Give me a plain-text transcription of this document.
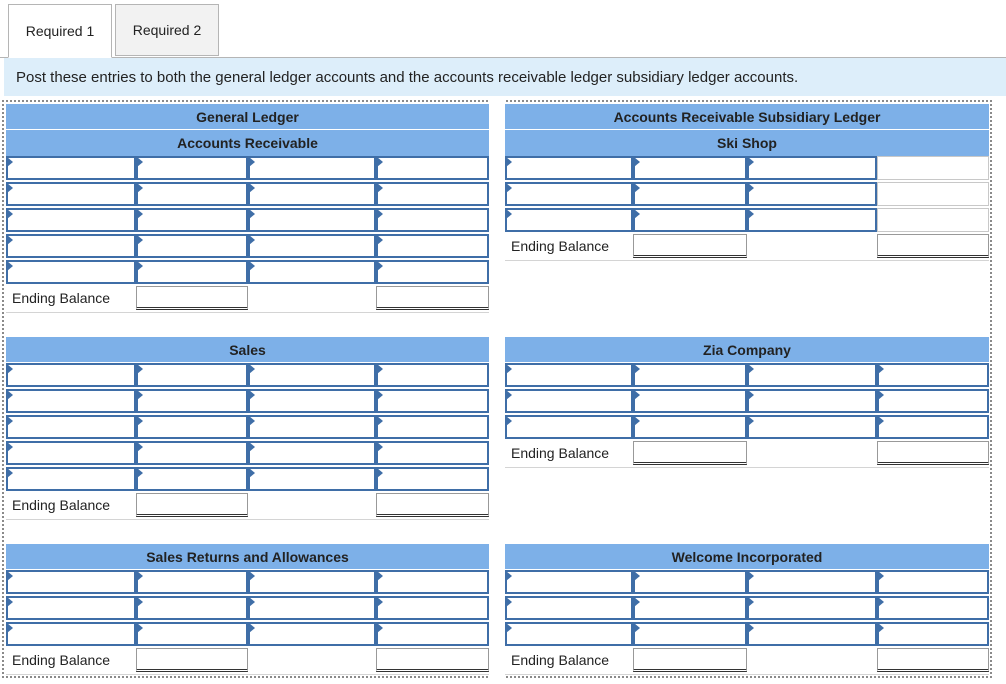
Required 1	Required 2
Post these entries to both the general ledger accounts and the accounts receivable ledger subsidiary ledger accounts.
General Ledger
Accounts Receivable
Ending Balance
Sales
Ending Balance
Sales Returns and Allowances
Ending Balance
Accounts Receivable Subsidiary Ledger
Ski Shop
Ending Balance
Zia Company
Ending Balance
Welcome Incorporated
Ending Balance
